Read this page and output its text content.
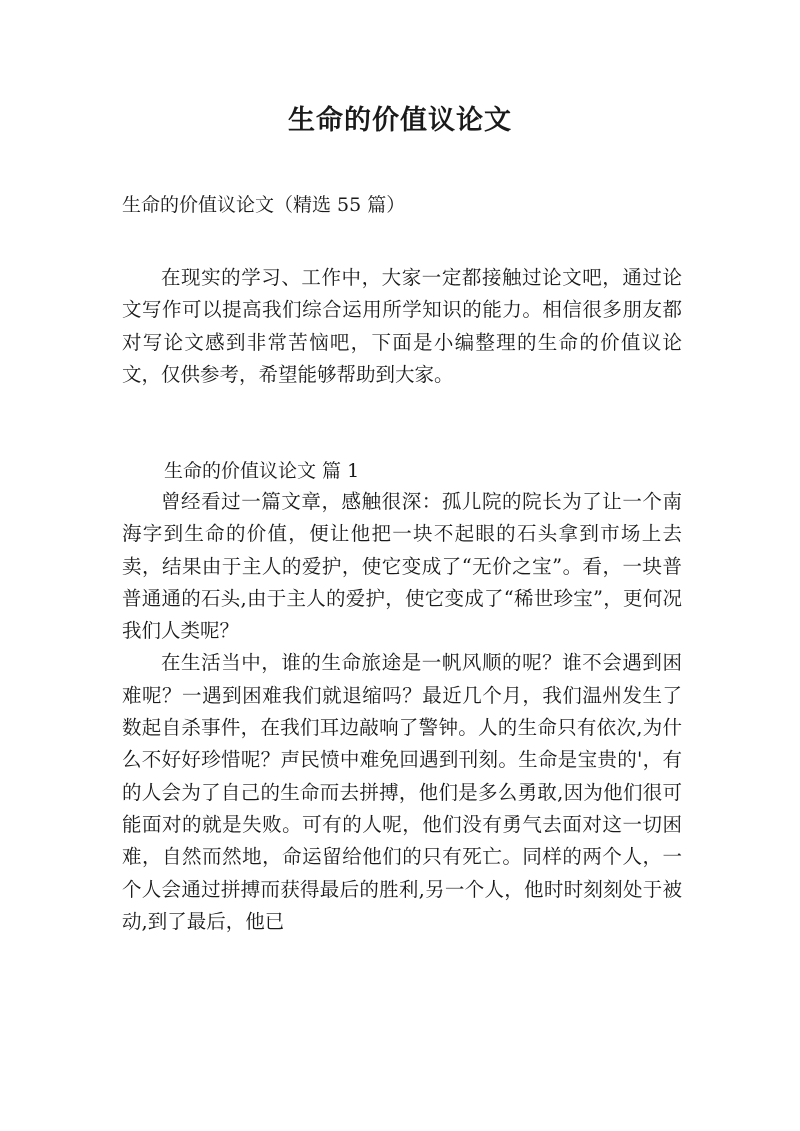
生命的价值议论文
生命的价值议论文（精选 55 篇）

在现实的学习、工作中，大家一定都接触过论文吧，通过论文写作可以提高我们综合运用所学知识的能力。相信很多朋友都对写论文感到非常苦恼吧，下面是小编整理的生命的价值议论文，仅供参考，希望能够帮助到大家。

生命的价值议论文 篇 1

曾经看过一篇文章，感触很深：孤儿院的院长为了让一个南海字到生命的价值，便让他把一块不起眼的石头拿到市场上去卖，结果由于主人的爱护，使它变成了“无价之宝”。看，一块普普通通的石头,由于主人的爱护，使它变成了“稀世珍宝”，更何况我们人类呢？

在生活当中，谁的生命旅途是一帆风顺的呢？谁不会遇到困难呢？一遇到困难我们就退缩吗？最近几个月，我们温州发生了数起自杀事件，在我们耳边敲响了警钟。人的生命只有依次,为什么不好好珍惜呢？声民愤中难免回遇到刊刻。生命是宝贵的'，有的人会为了自己的生命而去拼搏，他们是多么勇敢,因为他们很可能面对的就是失败。可有的人呢，他们没有勇气去面对这一切困难，自然而然地，命运留给他们的只有死亡。同样的两个人，一个人会通过拼搏而获得最后的胜利,另一个人，他时时刻刻处于被动,到了最后，他已
